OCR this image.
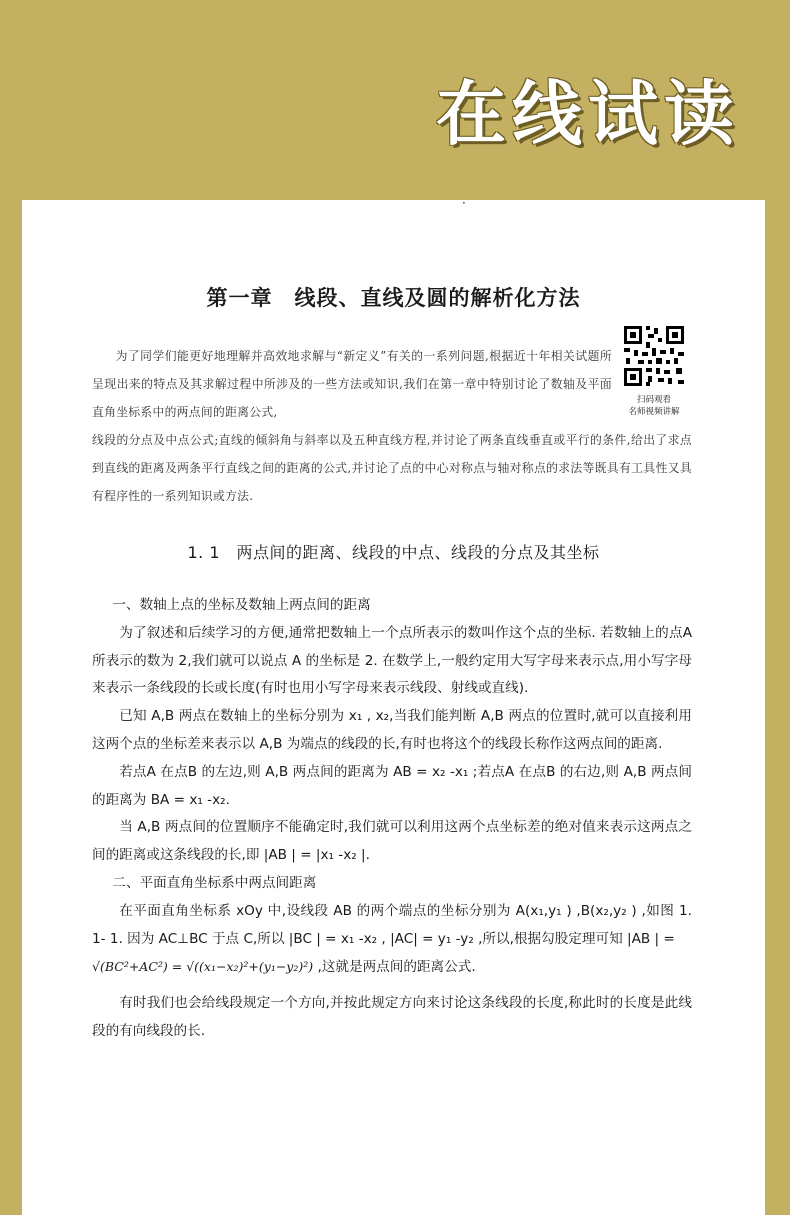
在线试读
·
第一章　线段、直线及圆的解析化方法
扫码观看
名师视频讲解
为了同学们能更好地理解并高效地求解与“新定义”有关的一系列问题,根据近十年相关试题所呈现出来的特点及其求解过程中所涉及的一些方法或知识,我们在第一章中特别讨论了数轴及平面直角坐标系中的两点间的距离公式,
线段的分点及中点公式;直线的倾斜角与斜率以及五种直线方程,并讨论了两条直线垂直或平行的条件,给出了求点到直线的距离及两条平行直线之间的距离的公式,并讨论了点的中心对称点与轴对称点的求法等既具有工具性又具有程序性的一系列知识或方法.
1. 1　两点间的距离、线段的中点、线段的分点及其坐标

一、数轴上点的坐标及数轴上两点间的距离

为了叙述和后续学习的方便,通常把数轴上一个点所表示的数叫作这个点的坐标. 若数轴上的点A 所表示的数为 2,我们就可以说点 A 的坐标是 2. 在数学上,一般约定用大写字母来表示点,用小写字母来表示一条线段的长或长度(有时也用小写字母来表示线段、射线或直线).

已知 A,B 两点在数轴上的坐标分别为 x₁ , x₂,当我们能判断 A,B 两点的位置时,就可以直接利用这两个点的坐标差来表示以 A,B 为端点的线段的长,有时也将这个的线段长称作这两点间的距离.

若点A 在点B 的左边,则 A,B 两点间的距离为 AB = x₂ -x₁ ;若点A 在点B 的右边,则 A,B 两点间的距离为 BA = x₁ -x₂.

当 A,B 两点间的位置顺序不能确定时,我们就可以利用这两个点坐标差的绝对值来表示这两点之间的距离或这条线段的长,即 |AB | = |x₁ -x₂ |.

二、平面直角坐标系中两点间距离

在平面直角坐标系 xOy 中,设线段 AB 的两个端点的坐标分别为 A(x₁,y₁ ) ,B(x₂,y₂ ) ,如图 1. 1- 1. 因为 AC⊥BC 于点 C,所以 |BC | = x₁ -x₂ , |AC| = y₁ -y₂ ,所以,根据勾股定理可知 |AB | =

√(BC²+AC²) = √((x₁−x₂)²+(y₁−y₂)²) ,这就是两点间的距离公式.

有时我们也会给线段规定一个方向,并按此规定方向来讨论这条线段的长度,称此时的长度是此线段的有向线段的长.
